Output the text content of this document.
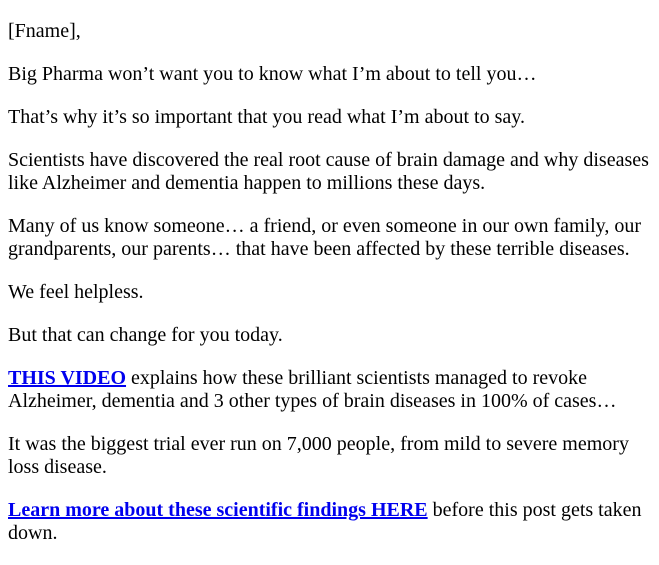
[Fname],

Big Pharma won’t want you to know what I’m about to tell you…

That’s why it’s so important that you read what I’m about to say.

Scientists have discovered the real root cause of brain damage and why diseases like Alzheimer and dementia happen to millions these days.

Many of us know someone… a friend, or even someone in our own family, our grandparents, our parents… that have been affected by these terrible diseases.

We feel helpless.

But that can change for you today.

THIS VIDEO explains how these brilliant scientists managed to revoke Alzheimer, dementia and 3 other types of brain diseases in 100% of cases…

It was the biggest trial ever run on 7,000 people, from mild to severe memory loss disease.

Learn more about these scientific findings HERE before this post gets taken down.
